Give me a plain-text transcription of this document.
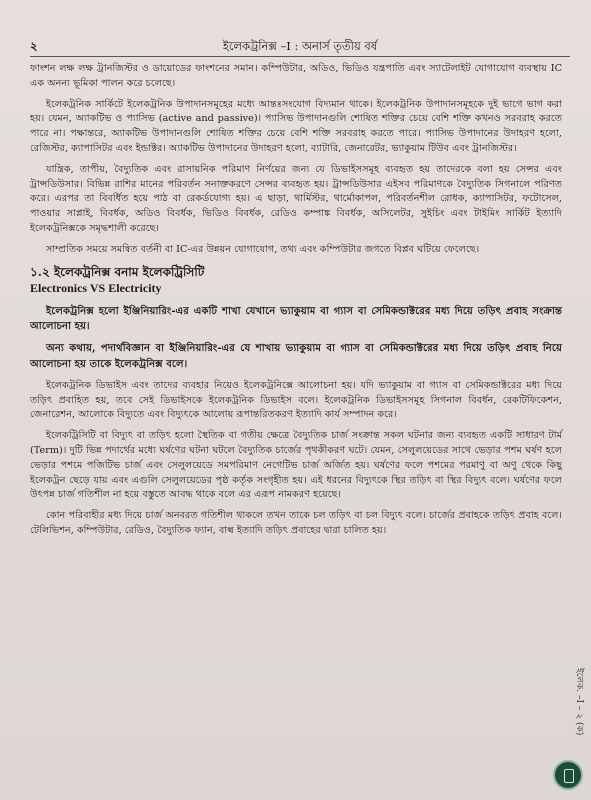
২	ইলেকট্রনিক্স –I : অনার্স তৃতীয় বর্ষ

ফাংশন লক্ষ লক্ষ ট্রানজিস্টর ও ডায়োডের ফাংশনের সমান। কম্পিউটার, অডিও, ভিডিও যন্ত্রপাতি এবং স্যাটেলাইট যোগাযোগ ব্যবস্থায় IC এক অনন্য ভূমিকা পালন করে চলেছে।

ইলেকট্রনিক সার্কিটে ইলেকট্রনিক উপাদানসমূহের মধ্যে আন্তঃসংযোগ বিদ্যমান থাকে। ইলেকট্রনিক উপাদানসমূহকে দুই ভাগে ভাগ করা হয়। যেমন, অ্যাকটিভ ও প্যাসিভ (active and passive)। প্যাসিভ উপাদানগুলি শোষিত শক্তির চেয়ে বেশি শক্তি কখনও সরবরাহ করতে পারে না। পক্ষান্তরে, অ্যাকটিভ উপাদানগুলি শোষিত শক্তির চেয়ে বেশি শক্তি সরবরাহ করতে পারে। প্যাসিভ উপাদানের উদাহরণ হলো, রেজিস্টর, ক্যাপাসিটর এবং ইন্ডাক্টর। অ্যাকটিভ উপাদানের উদাহরণ হলো, ব্যাটারি, জেনারেটর, ভ্যাকুয়াম টিউব এবং ট্রানজিস্টর।

যান্ত্রিক, তাপীয়, বৈদ্যুতিক এবং রাসায়নিক পরিমাণ নির্ণয়ের জন্য যে ডিভাইসসমূহ ব্যবহৃত হয় তাদেরকে বলা হয় সেন্সর এবং ট্রান্সডিউসার। বিভিন্ন রাশির মানের পরিবর্তন সনাক্তকরণে সেন্সর ব্যবহৃত হয়। ট্রান্সডিউসার এইসব পরিমাণকে বৈদ্যুতিক সিগনালে পরিণত করে। এরপর তা বিবর্ধিত হয়ে পাঠ বা রেকর্ডযোগ্য হয়। এ ছাড়া, থার্মিস্টর, থার্মোকাপল, পরিবর্তনশীল রোধক, ক্যাপাসিটর, ফটোসেল, পাওয়ার সাপ্লাই, বিবর্ধক, অডিও বিবর্ধক, ভিডিও বিবর্ধক, রেডিও কম্পাঙ্ক বিবর্ধক, অসিলেটর, সুইচিং এবং টাইমিং সার্কিট ইত্যাদি ইলেকট্রনিক্সকে সমৃদ্ধশালী করেছে।

সাম্প্রতিক সময়ে সমন্বিত বর্তনী বা IC-এর উন্নয়ন যোগাযোগ, তথ্য এবং কম্পিউটার জগতে বিপ্লব ঘটিয়ে ফেলেছে।

১.২ ইলেকট্রনিক্স বনাম ইলেকট্রিসিটি
Electronics VS Electricity

ইলেকট্রনিক্স হলো ইঞ্জিনিয়ারিং-এর একটি শাখা যেখানে ভ্যাকুয়াম বা গ্যাস বা সেমিকন্ডাক্টরের মধ্য দিয়ে তড়িৎ প্রবাহ সংক্রান্ত আলোচনা হয়।

অন্য কথায়, পদার্থবিজ্ঞান বা ইঞ্জিনিয়ারিং-এর যে শাখায় ভ্যাকুয়াম বা গ্যাস বা সেমিকন্ডাক্টরের মধ্য দিয়ে তড়িৎ প্রবাহ নিয়ে আলোচনা হয় তাকে ইলেকট্রনিক্স বলে।

ইলেকট্রনিক ডিভাইস এবং তাদের ব্যবহার নিয়েও ইলেকট্রনিক্সে আলোচনা হয়। যদি ভ্যাকুয়াম বা গ্যাস বা সেমিকন্ডাক্টরের মধ্য দিয়ে তড়িৎ প্রবাহিত হয়, তবে সেই ডিভাইসকে ইলেকট্রনিক ডিভাইস বলে। ইলেকট্রনিক ডিভাইসসমূহ সিগনাল বিবর্ধন, রেকটিফিকেশন, জেনারেশন, আলোকে বিদ্যুতে এবং বিদ্যুৎকে আলোয় রূপান্তরিতকরণ ইত্যাদি কার্য সম্পাদন করে।

ইলেকট্রিসিটি বা বিদ্যুৎ বা তড়িৎ হলো স্থৈতিক বা গতীয় ক্ষেত্রে বৈদ্যুতিক চার্জ সংক্রান্ত সকল ঘটনার জন্য ব্যবহৃত একটি সাধারণ টার্ম (Term)। দুটি ভিন্ন পদার্থের মধ্যে ঘর্ষণের ঘটনা ঘটলে বৈদ্যুতিক চার্জের পৃথকীকরণ ঘটে। যেমন, সেলুলয়েডের সাথে ভেড়ার পশম ঘর্ষণ হলে ভেড়ার পশমে পজিটিভ চার্জ এবং সেলুলয়েডে সমপরিমাণ নেগেটিভ চার্জ অর্জিত হয়। ঘর্ষণের ফলে পশমের পরমাণু বা অণু থেকে কিছু ইলেকট্রন ছেড়ে যায় এবং এগুলি সেলুলয়েডের পৃষ্ঠ কর্তৃক সংগৃহীত হয়। এই ধরনের বিদ্যুৎকে স্থির তড়িৎ বা স্থির বিদ্যুৎ বলে। ঘর্ষণের ফলে উৎপন্ন চার্জ গতিশীল না হয়ে বস্তুতে আবদ্ধ থাকে বলে এর এরূপ নামকরণ হয়েছে।

কোন পরিবাহীর মধ্য দিয়ে চার্জ অনবরত গতিশীল থাকলে তখন তাকে চল তড়িৎ বা চল বিদ্যুৎ বলে। চার্জের প্রবাহকে তড়িৎ প্রবাহ বলে। টেলিভিশন, কম্পিউটার, রেডিও, বৈদ্যুতিক ফ্যান, বাল্ব ইত্যাদি তড়িৎ প্রবাহের দ্বারা চালিত হয়।

ইলেক. –I – ২ (ক)
